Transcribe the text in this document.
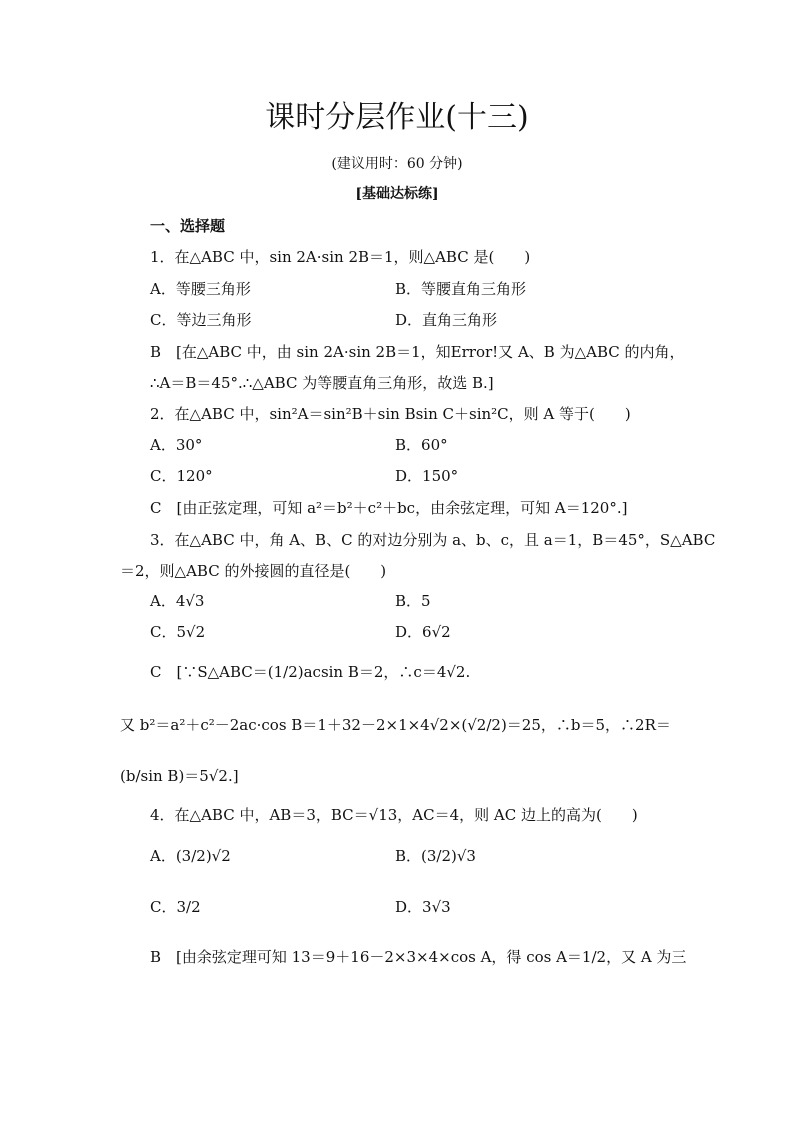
课时分层作业(十三)
(建议用时：60 分钟)
[基础达标练]
一、选择题
1．在△ABC 中，sin 2A·sin 2B＝1，则△ABC 是(　　)
A．等腰三角形	B．等腰直角三角形
C．等边三角形	D．直角三角形
B　[在△ABC 中，由 sin 2A·sin 2B＝1，知Error!又 A、B 为△ABC 的内角，
∴A＝B＝45°.∴△ABC 为等腰直角三角形，故选 B.]
2．在△ABC 中，sin²A＝sin²B＋sin Bsin C＋sin²C，则 A 等于(　　)
A．30°	B．60°
C．120°	D．150°
C　[由正弦定理，可知 a²＝b²＋c²＋bc，由余弦定理，可知 A＝120°.]
3．在△ABC 中，角 A、B、C 的对边分别为 a、b、c，且 a＝1，B＝45°，S△ABC
＝2，则△ABC 的外接圆的直径是(　　)
A．4√3	B．5
C．5√2	D．6√2
C　[∵S△ABC＝(1/2)acsin B＝2，∴c＝4√2.
又 b²＝a²＋c²－2ac·cos B＝1＋32－2×1×4√2×(√2/2)＝25，∴b＝5，∴2R＝
(b/sin B)＝5√2.]
4．在△ABC 中，AB＝3，BC＝√13，AC＝4，则 AC 边上的高为(　　)
A．(3/2)√2	B．(3/2)√3
C．3/2	D．3√3
B　[由余弦定理可知 13＝9＋16－2×3×4×cos A，得 cos A＝1/2，又 A 为三
